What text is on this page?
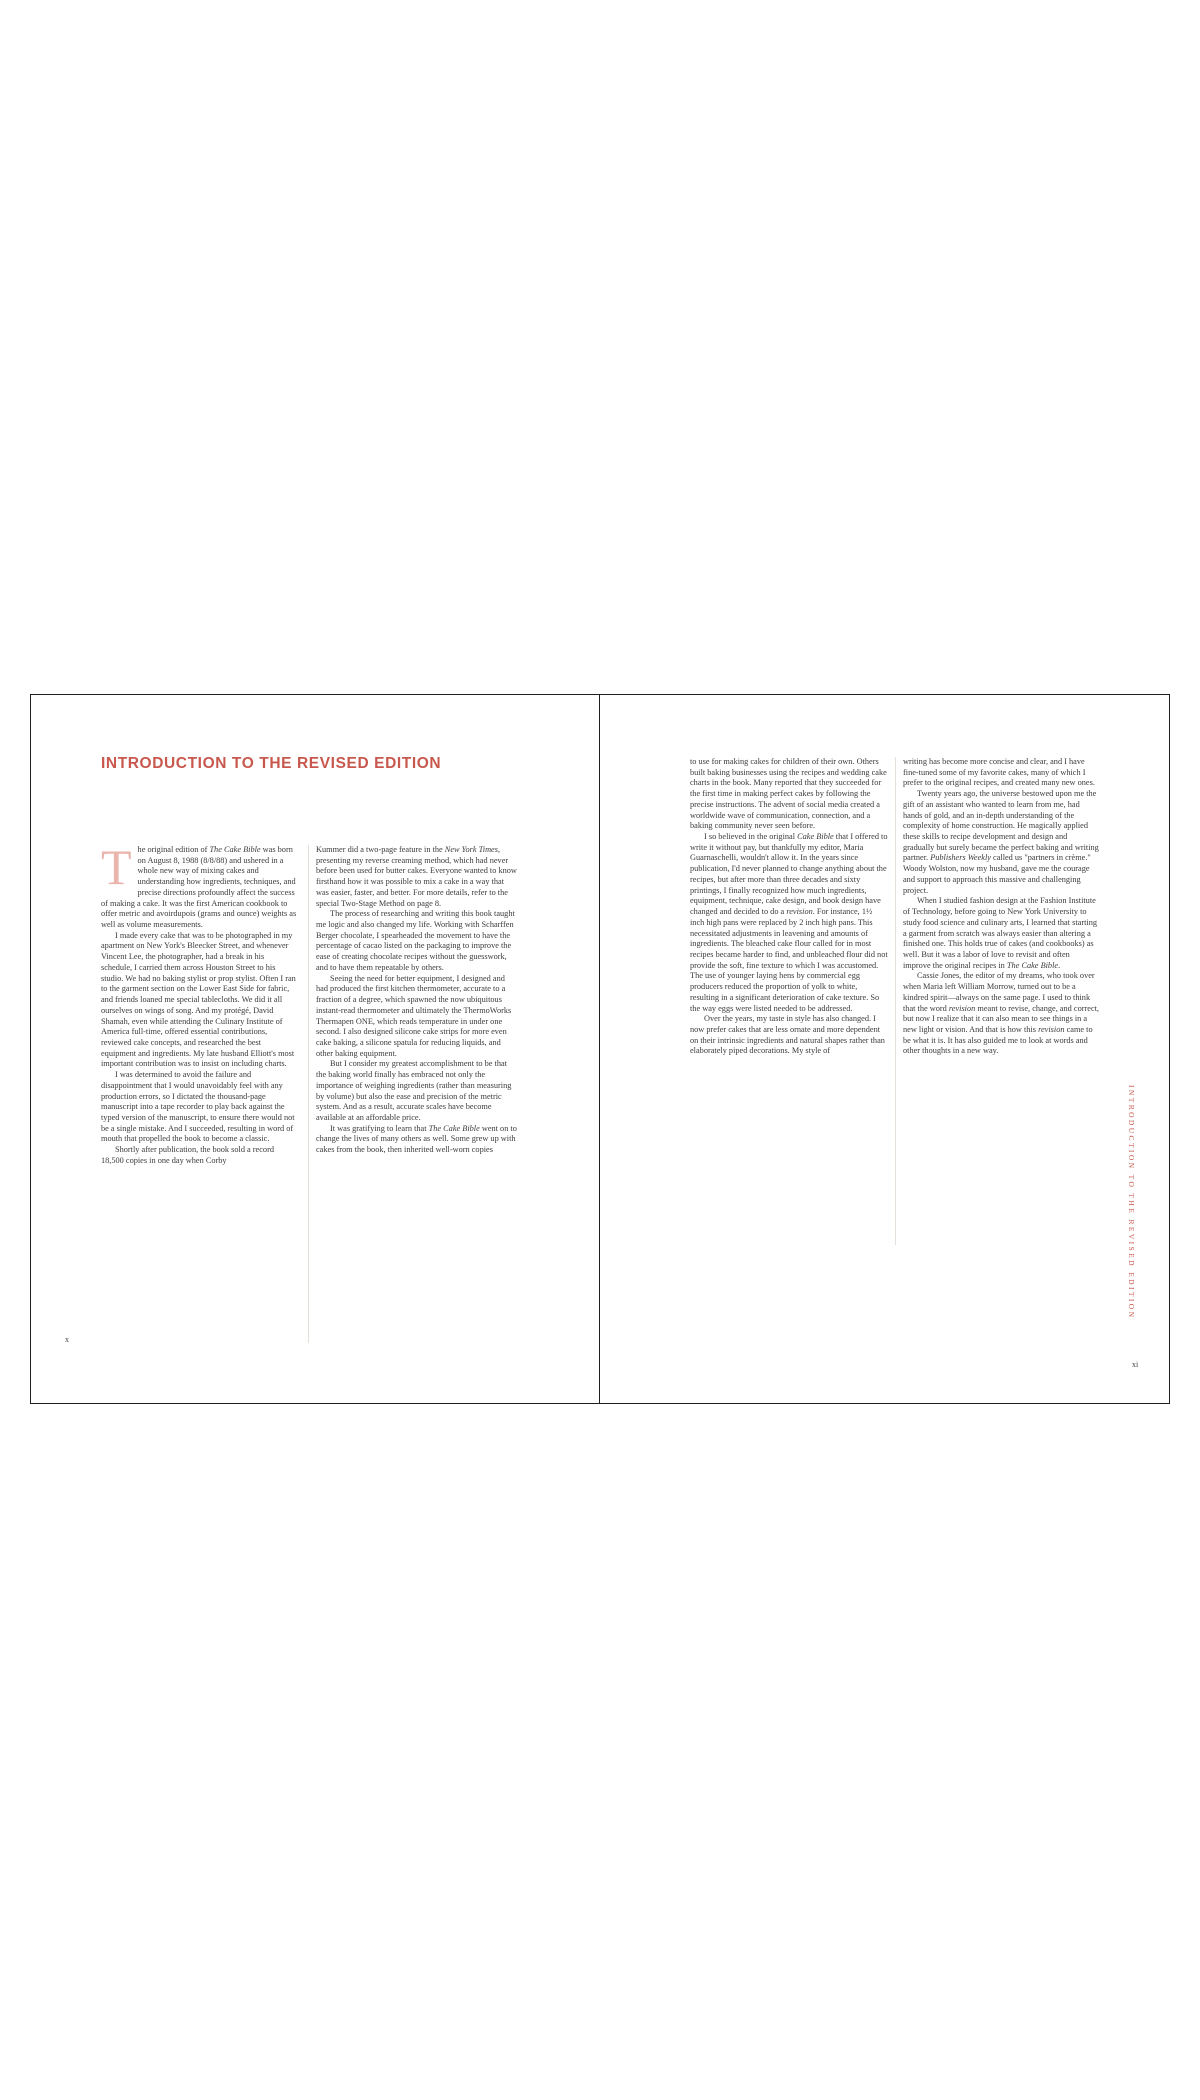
INTRODUCTION TO THE REVISED EDITION
T he original edition of The Cake Bible was born on August 8, 1988 (8/8/88) and ushered in a whole new way of mixing cakes and understanding how ingredients, techniques, and precise directions profoundly affect the success of making a cake. It was the first American cookbook to offer metric and avoirdupois (grams and ounce) weights as well as volume measurements.

I made every cake that was to be photographed in my apartment on New York's Bleecker Street, and whenever Vincent Lee, the photographer, had a break in his schedule, I carried them across Houston Street to his studio. We had no baking stylist or prop stylist. Often I ran to the garment section on the Lower East Side for fabric, and friends loaned me special tablecloths. We did it all ourselves on wings of song. And my protégé, David Shamah, even while attending the Culinary Institute of America full-time, offered essential contributions, reviewed cake concepts, and researched the best equipment and ingredients. My late husband Elliott's most important contribution was to insist on including charts.

I was determined to avoid the failure and disappointment that I would unavoidably feel with any production errors, so I dictated the thousand-page manuscript into a tape recorder to play back against the typed version of the manuscript, to ensure there would not be a single mistake. And I succeeded, resulting in word of mouth that propelled the book to become a classic.

Shortly after publication, the book sold a record 18,500 copies in one day when Corby

Kummer did a two-page feature in the New York Times, presenting my reverse creaming method, which had never before been used for butter cakes. Everyone wanted to know firsthand how it was possible to mix a cake in a way that was easier, faster, and better. For more details, refer to the special Two-Stage Method on page 8.

The process of researching and writing this book taught me logic and also changed my life. Working with Scharffen Berger chocolate, I spearheaded the movement to have the percentage of cacao listed on the packaging to improve the ease of creating chocolate recipes without the guesswork, and to have them repeatable by others.

Seeing the need for better equipment, I designed and had produced the first kitchen thermometer, accurate to a fraction of a degree, which spawned the now ubiquitous instant-read thermometer and ultimately the ThermoWorks Thermapen ONE, which reads temperature in under one second. I also designed silicone cake strips for more even cake baking, a silicone spatula for reducing liquids, and other baking equipment.

But I consider my greatest accomplishment to be that the baking world finally has embraced not only the importance of weighing ingredients (rather than measuring by volume) but also the ease and precision of the metric system. And as a result, accurate scales have become available at an affordable price.

It was gratifying to learn that The Cake Bible went on to change the lives of many others as well. Some grew up with cakes from the book, then inherited well-worn copies

to use for making cakes for children of their own. Others built baking businesses using the recipes and wedding cake charts in the book. Many reported that they succeeded for the first time in making perfect cakes by following the precise instructions. The advent of social media created a worldwide wave of communication, connection, and a baking community never seen before.

I so believed in the original Cake Bible that I offered to write it without pay, but thankfully my editor, Maria Guarnaschelli, wouldn't allow it. In the years since publication, I'd never planned to change anything about the recipes, but after more than three decades and sixty printings, I finally recognized how much ingredients, equipment, technique, cake design, and book design have changed and decided to do a revision. For instance, 1½ inch high pans were replaced by 2 inch high pans. This necessitated adjustments in leavening and amounts of ingredients. The bleached cake flour called for in most recipes became harder to find, and unbleached flour did not provide the soft, fine texture to which I was accustomed. The use of younger laying hens by commercial egg producers reduced the proportion of yolk to white, resulting in a significant deterioration of cake texture. So the way eggs were listed needed to be addressed.

Over the years, my taste in style has also changed. I now prefer cakes that are less ornate and more dependent on their intrinsic ingredients and natural shapes rather than elaborately piped decorations. My style of

writing has become more concise and clear, and I have fine-tuned some of my favorite cakes, many of which I prefer to the original recipes, and created many new ones.

Twenty years ago, the universe bestowed upon me the gift of an assistant who wanted to learn from me, had hands of gold, and an in-depth understanding of the complexity of home construction. He magically applied these skills to recipe development and design and gradually but surely became the perfect baking and writing partner. Publishers Weekly called us "partners in crème." Woody Wolston, now my husband, gave me the courage and support to approach this massive and challenging project.

When I studied fashion design at the Fashion Institute of Technology, before going to New York University to study food science and culinary arts, I learned that starting a garment from scratch was always easier than altering a finished one. This holds true of cakes (and cookbooks) as well. But it was a labor of love to revisit and often improve the original recipes in The Cake Bible.

Cassie Jones, the editor of my dreams, who took over when Maria left William Morrow, turned out to be a kindred spirit—always on the same page. I used to think that the word revision meant to revise, change, and correct, but now I realize that it can also mean to see things in a new light or vision. And that is how this revision came to be what it is. It has also guided me to look at words and other thoughts in a new way.

x
xi
INTRODUCTION TO THE REVISED EDITION
